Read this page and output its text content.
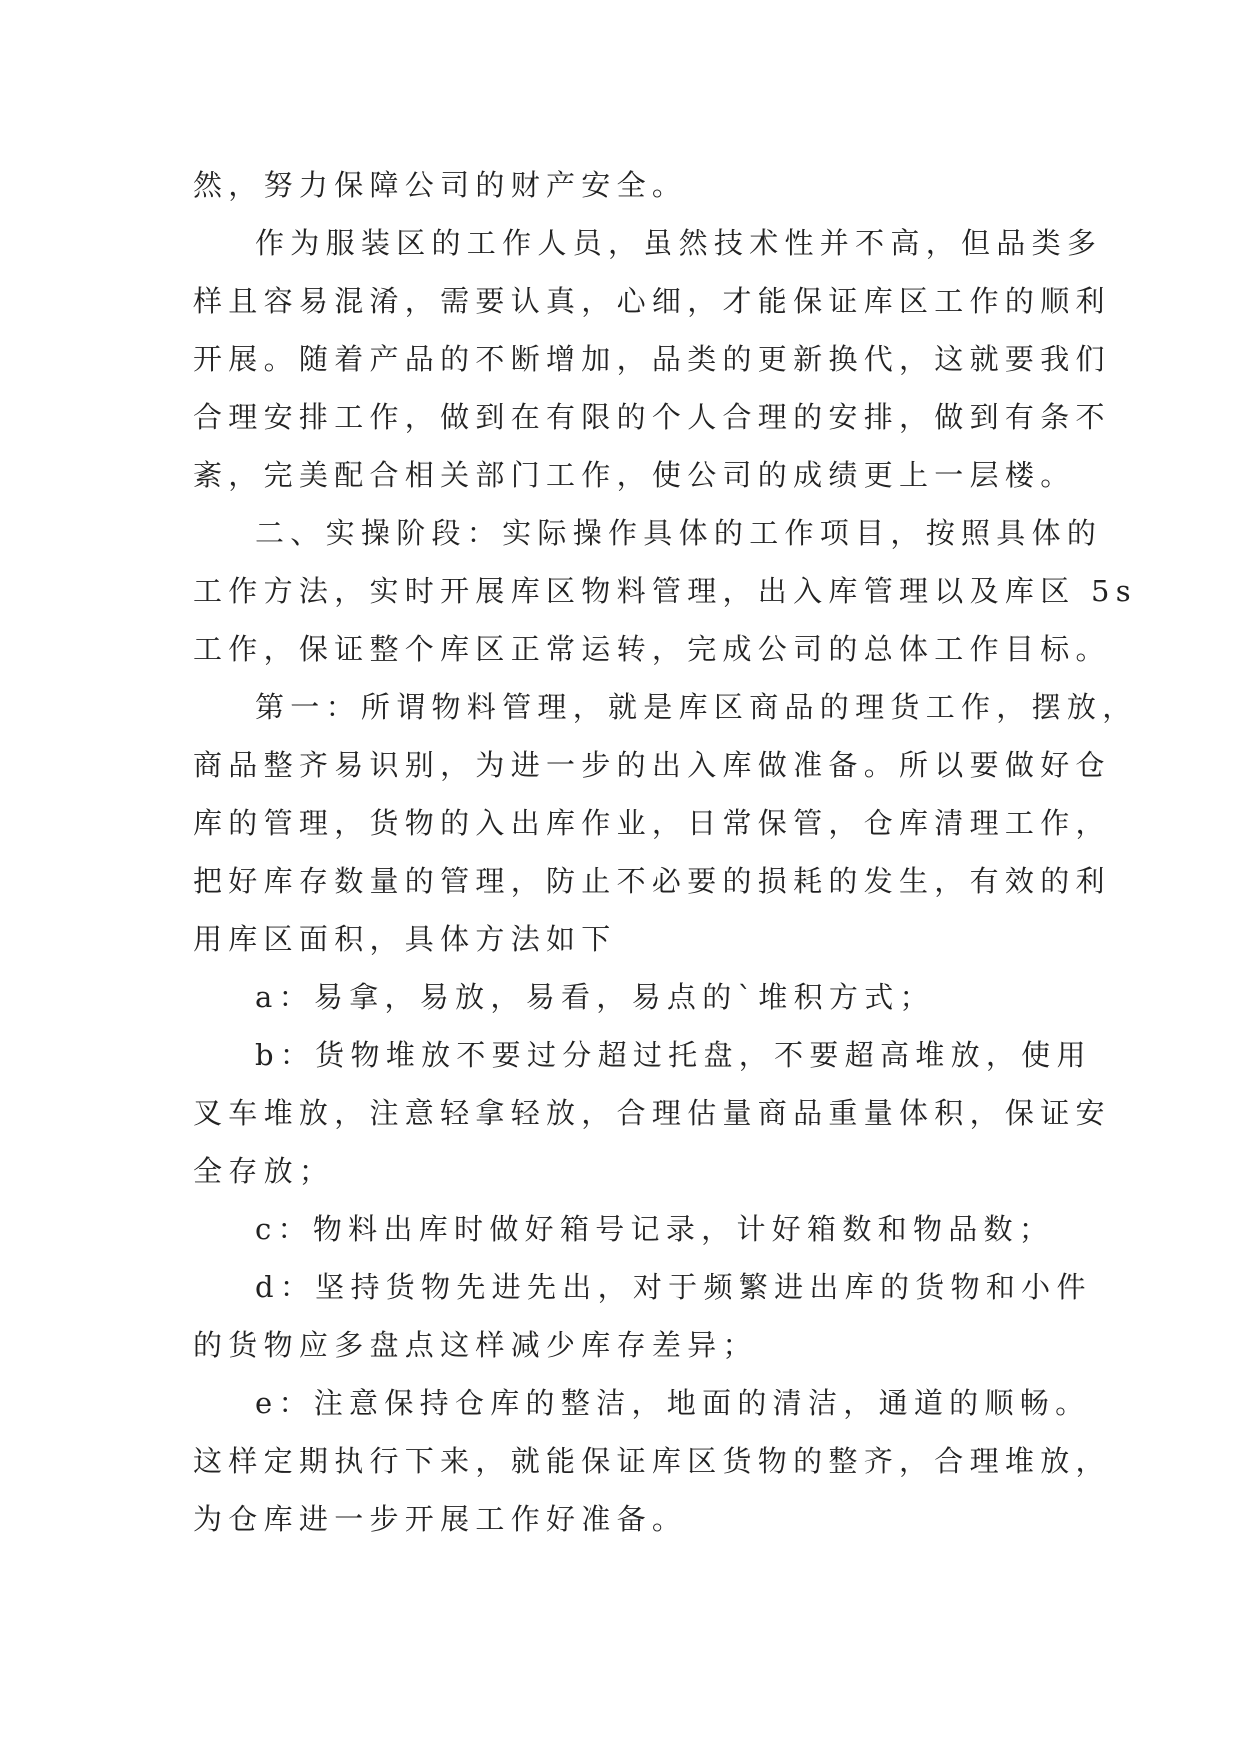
然，努力保障公司的财产安全。
作为服装区的工作人员，虽然技术性并不高，但品类多
样且容易混淆，需要认真，心细，才能保证库区工作的顺利
开展。随着产品的不断增加，品类的更新换代，这就要我们
合理安排工作，做到在有限的个人合理的安排，做到有条不
紊，完美配合相关部门工作，使公司的成绩更上一层楼。
二、实操阶段：实际操作具体的工作项目，按照具体的
工作方法，实时开展库区物料管理，出入库管理以及库区 5s
工作，保证整个库区正常运转，完成公司的总体工作目标。
第一：所谓物料管理，就是库区商品的理货工作，摆放，
商品整齐易识别，为进一步的出入库做准备。所以要做好仓
库的管理，货物的入出库作业，日常保管，仓库清理工作，
把好库存数量的管理，防止不必要的损耗的发生，有效的利
用库区面积，具体方法如下
a：易拿，易放，易看，易点的`堆积方式；
b：货物堆放不要过分超过托盘，不要超高堆放，使用
叉车堆放，注意轻拿轻放，合理估量商品重量体积，保证安
全存放；
c：物料出库时做好箱号记录，计好箱数和物品数；
d：坚持货物先进先出，对于频繁进出库的货物和小件
的货物应多盘点这样减少库存差异；
e：注意保持仓库的整洁，地面的清洁，通道的顺畅。
这样定期执行下来，就能保证库区货物的整齐，合理堆放，
为仓库进一步开展工作好准备。
